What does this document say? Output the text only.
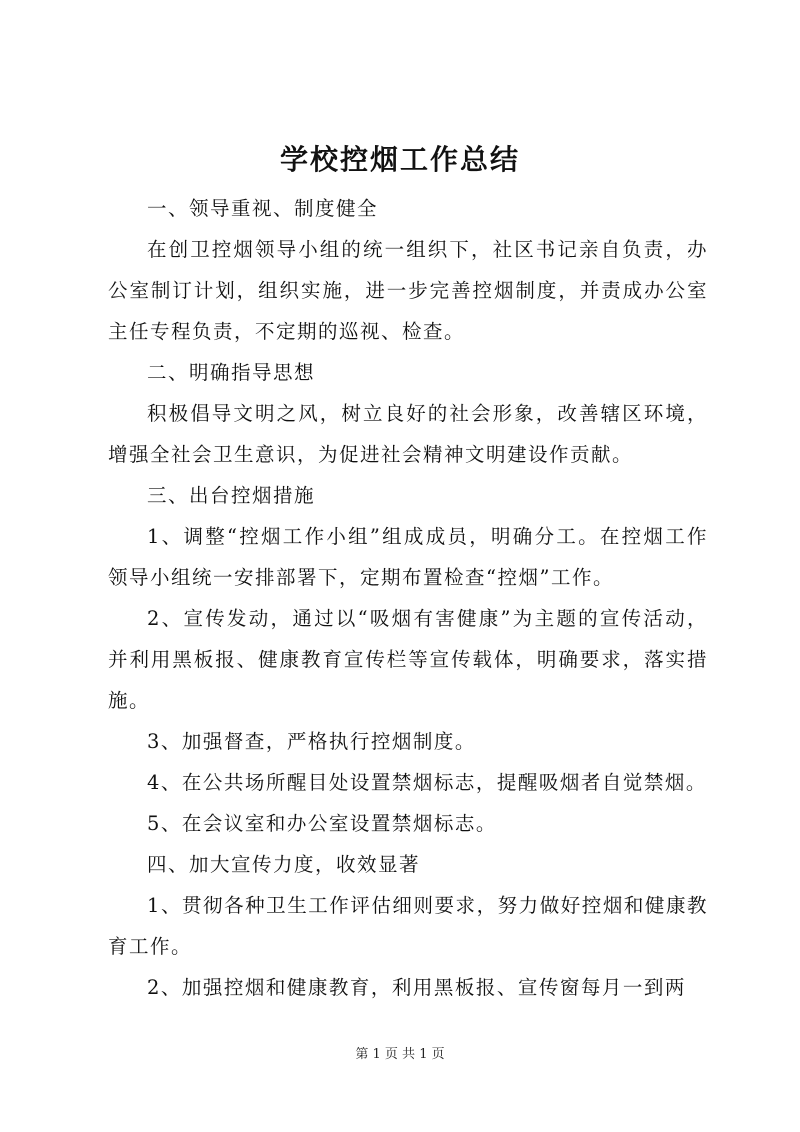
学校控烟工作总结

一、领导重视、制度健全

在创卫控烟领导小组的统一组织下，社区书记亲自负责，办公室制订计划，组织实施，进一步完善控烟制度，并责成办公室主任专程负责，不定期的巡视、检查。

二、明确指导思想

积极倡导文明之风，树立良好的社会形象，改善辖区环境，增强全社会卫生意识，为促进社会精神文明建设作贡献。

三、出台控烟措施

1、调整“控烟工作小组”组成成员，明确分工。在控烟工作领导小组统一安排部署下，定期布置检查“控烟”工作。

2、宣传发动，通过以“吸烟有害健康”为主题的宣传活动，并利用黑板报、健康教育宣传栏等宣传载体，明确要求，落实措施。

3、加强督查，严格执行控烟制度。

4、在公共场所醒目处设置禁烟标志，提醒吸烟者自觉禁烟。

5、在会议室和办公室设置禁烟标志。

四、加大宣传力度，收效显著

1、贯彻各种卫生工作评估细则要求，努力做好控烟和健康教育工作。

2、加强控烟和健康教育，利用黑板报、宣传窗每月一到两

第 1 页 共 1 页
